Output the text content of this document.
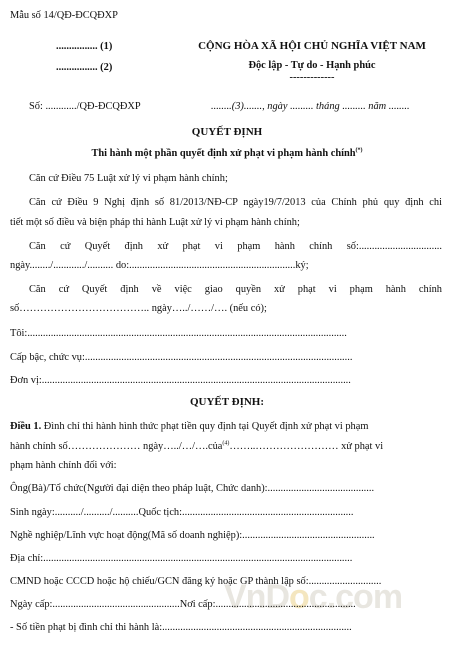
VnDoc.com
Mẫu số 14/QĐ-ĐCQĐXP
................ (1)
................ (2)
CỘNG HÒA XÃ HỘI CHỦ NGHĨA VIỆT NAM
Độc lập - Tự do - Hạnh phúc
-------------
Số: ............/QĐ-ĐCQĐXP	........(3)......., ngày ......... tháng ......... năm ........
QUYẾT ĐỊNH
Thi hành một phần quyết định xử phạt vi phạm hành chính(*)
Căn cứ Điều 75 Luật xử lý vi phạm hành chính;
Căn cứ Điều 9 Nghị định số 81/2013/NĐ-CP ngày19/7/2013 của Chính phủ quy định chi
tiết một số điều và biện pháp thi hành Luật xử lý vi phạm hành chính;
Căn cứ Quyết định xử phạt vi phạm hành chính số:................................
ngày......../............/.......... do:................................................................ký;
Căn cứ Quyết định về việc giao quyền xử phạt vi phạm hành chính
số……………………………….. ngày…../……/…. (nếu có);
Tôi:...........................................................................................................................
Cấp bậc, chức vụ:.......................................................................................................
Đơn vị:.......................................................................................................................
QUYẾT ĐỊNH:
Điều 1. Đình chỉ thi hành hình thức phạt tiền quy định tại Quyết định xử phạt vi phạm
hành chính số………………… ngày…../…/….của$^{(4)}$……..…………………… xử phạt vi
phạm hành chính đối với:
Ông(Bà)/Tổ chức(Người đại diện theo pháp luật, Chức danh):.........................................
Sinh ngày:........../........../..........Quốc tịch:..................................................................
Nghề nghiệp/Lĩnh vực hoạt động(Mã số doanh nghiệp):...................................................
Địa chỉ:.......................................................................................................................
CMND hoặc CCCD hoặc hộ chiếu/GCN đăng ký hoặc GP thành lập số:............................
Ngày cấp:.................................................Nơi cấp:......................................................
- Số tiền phạt bị đình chỉ thi hành là:.........................................................................
